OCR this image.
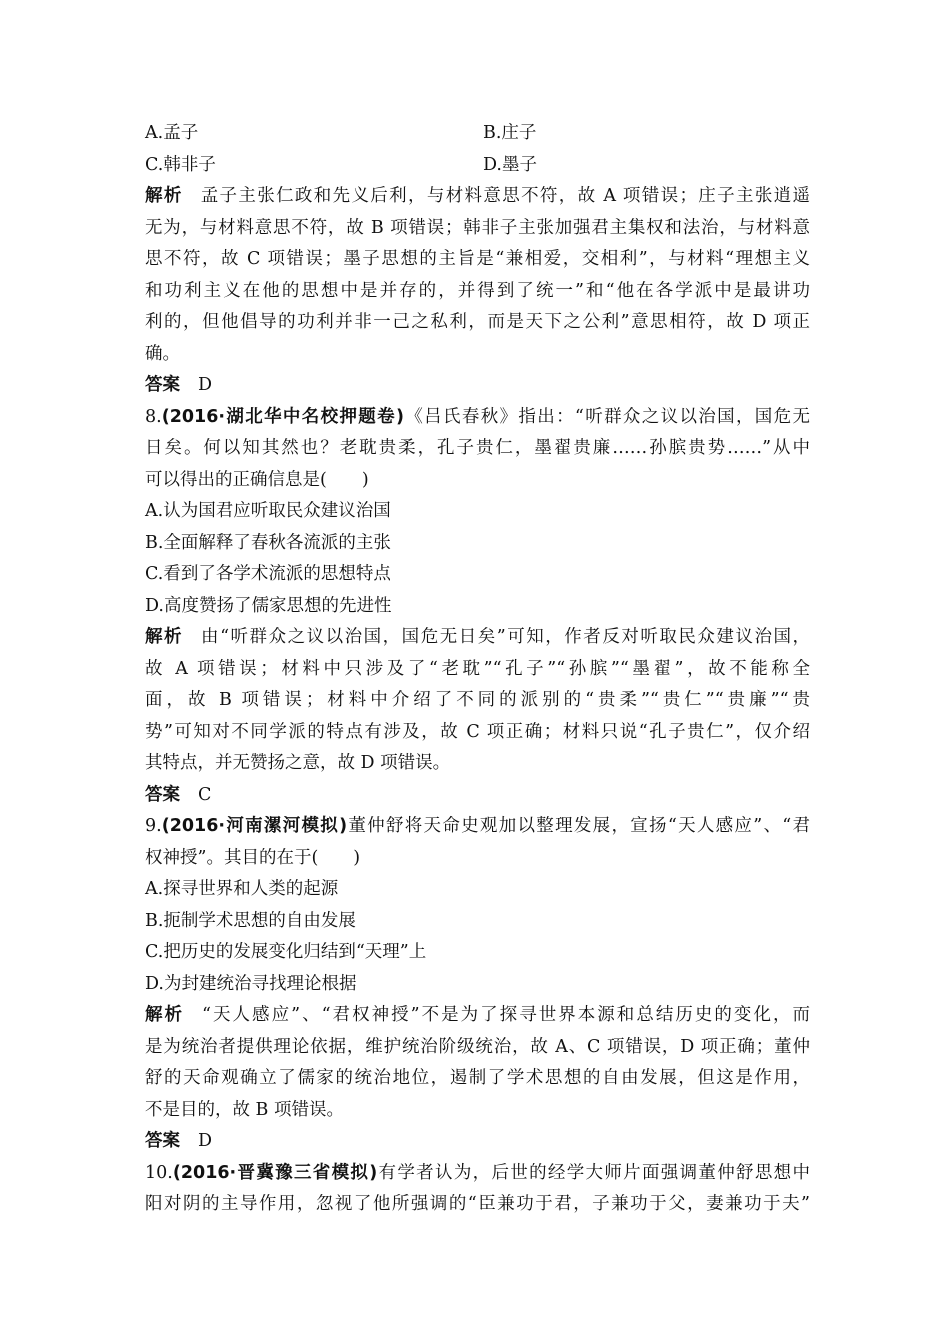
A.孟子	B.庄子
C.韩非子	D.墨子
解析 孟子主张仁政和先义后利，与材料意思不符，故 A 项错误；庄子主张逍遥
无为，与材料意思不符，故 B 项错误；韩非子主张加强君主集权和法治，与材料意
思不符，故 C 项错误；墨子思想的主旨是“兼相爱，交相利”，与材料“理想主义
和功利主义在他的思想中是并存的，并得到了统一”和“他在各学派中是最讲功
利的，但他倡导的功利并非一己之私利，而是天下之公利”意思相符，故 D 项正
确。
答案 D
8.(2016·湖北华中名校押题卷)《吕氏春秋》指出：“听群众之议以治国，国危无
日矣。何以知其然也？老耽贵柔，孔子贵仁，墨翟贵廉……孙膑贵势……”从中
可以得出的正确信息是(　　)
A.认为国君应听取民众建议治国
B.全面解释了春秋各流派的主张
C.看到了各学术流派的思想特点
D.高度赞扬了儒家思想的先进性
解析 由“听群众之议以治国，国危无日矣”可知，作者反对听取民众建议治国，
故 A 项错误；材料中只涉及了“老耽”“孔子”“孙膑”“墨翟”，故不能称全
面，故 B 项错误；材料中介绍了不同的派别的“贵柔”“贵仁”“贵廉”“贵
势”可知对不同学派的特点有涉及，故 C 项正确；材料只说“孔子贵仁”，仅介绍
其特点，并无赞扬之意，故 D 项错误。
答案 C
9.(2016·河南漯河模拟)董仲舒将天命史观加以整理发展，宣扬“天人感应”、“君
权神授”。其目的在于(　　)
A.探寻世界和人类的起源
B.扼制学术思想的自由发展
C.把历史的发展变化归结到“天理”上
D.为封建统治寻找理论根据
解析 “天人感应”、“君权神授”不是为了探寻世界本源和总结历史的变化，而
是为统治者提供理论依据，维护统治阶级统治，故 A、C 项错误，D 项正确；董仲
舒的天命观确立了儒家的统治地位，遏制了学术思想的自由发展，但这是作用，
不是目的，故 B 项错误。
答案 D
10.(2016·晋冀豫三省模拟)有学者认为，后世的经学大师片面强调董仲舒思想中
阳对阴的主导作用，忽视了他所强调的“臣兼功于君，子兼功于父，妻兼功于夫”
